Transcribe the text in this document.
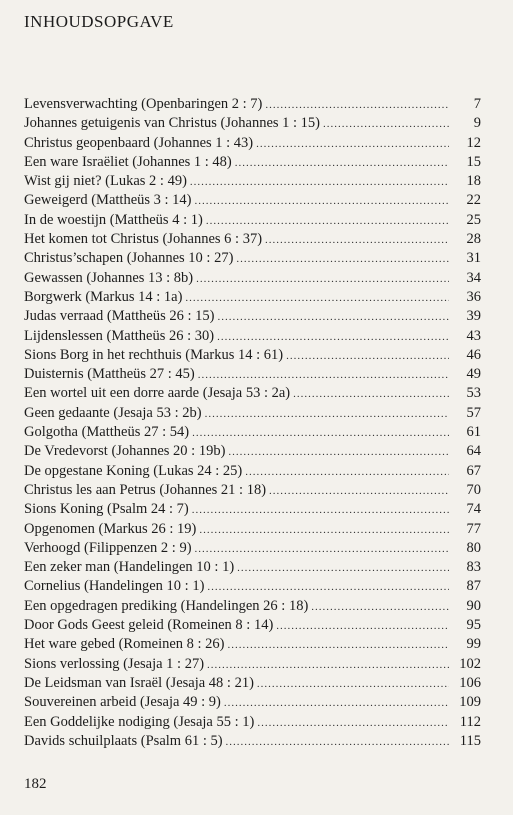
INHOUDSOPGAVE
Levensverwachting (Openbaringen 2 : 7) .....	7
Johannes getuigenis van Christus (Johannes 1 : 15) .....	9
Christus geopenbaard (Johannes 1 : 43) .....	12
Een ware Israëliet (Johannes 1 : 48) .....	15
Wist gij niet? (Lukas 2 : 49) .....	18
Geweigerd (Mattheüs 3 : 14) .....	22
In de woestijn (Mattheüs 4 : 1) .....	25
Het komen tot Christus (Johannes 6 : 37) .....	28
Christus’schapen (Johannes 10 : 27) .....	31
Gewassen (Johannes 13 : 8b) .....	34
Borgwerk (Markus 14 : 1a) .....	36
Judas verraad (Mattheüs 26 : 15) .....	39
Lijdenslessen (Mattheüs 26 : 30) .....	43
Sions Borg in het rechthuis (Markus 14 : 61) .....	46
Duisternis (Mattheüs 27 : 45) .....	49
Een wortel uit een dorre aarde (Jesaja 53 : 2a) .....	53
Geen gedaante (Jesaja 53 : 2b) .....	57
Golgotha (Mattheüs 27 : 54) .....	61
De Vredevorst (Johannes 20 : 19b) .....	64
De opgestane Koning (Lukas 24 : 25) .....	67
Christus les aan Petrus (Johannes 21 : 18) .....	70
Sions Koning (Psalm 24 : 7) .....	74
Opgenomen (Markus 26 : 19) .....	77
Verhoogd (Filippenzen 2 : 9) .....	80
Een zeker man (Handelingen 10 : 1) .....	83
Cornelius (Handelingen 10 : 1) .....	87
Een opgedragen prediking (Handelingen 26 : 18) .....	90
Door Gods Geest geleid (Romeinen 8 : 14) .....	95
Het ware gebed (Romeinen 8 : 26) .....	99
Sions verlossing (Jesaja 1 : 27) .....	102
De Leidsman van Israël (Jesaja 48 : 21) .....	106
Souvereinen arbeid (Jesaja 49 : 9) .....	109
Een Goddelijke nodiging (Jesaja 55 : 1) .....	112
Davids schuilplaats (Psalm 61 : 5) .....	115
182
